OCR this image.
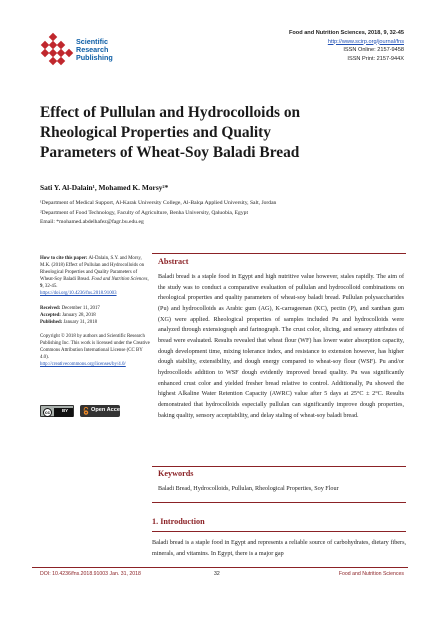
Scientific
Research
Publishing
Food and Nutrition Sciences, 2018, 9, 32-45
http://www.scirp.org/journal/fns
ISSN Online: 2157-9458
ISSN Print: 2157-944X
Effect of Pullulan and Hydrocolloids on
Rheological Properties and Quality
Parameters of Wheat-Soy Baladi Bread
Sati Y. Al-Dalain¹, Mohamed K. Morsy²*
¹Department of Medical Support, Al-Karak University College, Al-Balqa Applied University, Salt, Jordan
²Department of Food Technology, Faculty of Agriculture, Benha University, Qaluobia, Egypt
Email: *mohamed.abdelhafez@fagr.bu.edu.eg

How to cite this paper: Al-Dalain, S.Y. and Morsy, M.K. (2018) Effect of Pullulan and Hydrocolloids on Rheological Properties and Quality Parameters of Wheat-Soy Baladi Bread. Food and Nutrition Sciences, 9, 32-45.

https://doi.org/10.4236/fns.2018.91003

Received: December 11, 2017

Accepted: January 28, 2018

Published: January 31, 2018

Copyright © 2018 by authors and Scientific Research Publishing Inc. This work is licensed under the Creative Commons Attribution International License (CC BY 4.0).

http://creativecommons.org/licenses/by/4.0/

cc	BY	Open Access
Abstract
Baladi bread is a staple food in Egypt and high nutritive value however, stales rapidly. The aim of the study was to conduct a comparative evaluation of pullulan and hydrocolloid combinations on rheological properties and quality parameters of wheat-soy baladi bread. Pullulan polysaccharides (Pu) and hydrocolloids as Arabic gum (AG), K-carrageenan (KC), pectin (P), and xanthan gum (XG) were applied. Rheological properties of samples included Pu and hydrocolloids were analyzed through extensiograph and farinograph. The crust color, slicing, and sensory attributes of bread were evaluated. Results revealed that wheat flour (WF) has lower water absorption capacity, dough development time, mixing tolerance index, and resistance to extension however, has higher dough stability, extensibility, and dough energy compared to wheat-soy flour (WSF). Pu and/or hydrocolloids addition to WSF dough evidently improved bread quality. Pu was significantly enhanced crust color and yielded fresher bread relative to control. Additionally, Pu showed the highest Alkaline Water Retention Capacity (AWRC) value after 5 days at 25°C ± 2°C. Results demonstrated that hydrocolloids especially pullulan can significantly improve dough properties, baking quality, sensory acceptability, and delay staling of wheat-soy baladi bread.
Keywords
Baladi Bread, Hydrocolloids, Pullulan, Rheological Properties, Soy Flour
1. Introduction
Baladi bread is a staple food in Egypt and represents a reliable source of carbohydrates, dietary fibers, minerals, and vitamins. In Egypt, there is a major gap
DOI: 10.4236/fns.2018.91003 Jan. 31, 2018	32	Food and Nutrition Sciences
